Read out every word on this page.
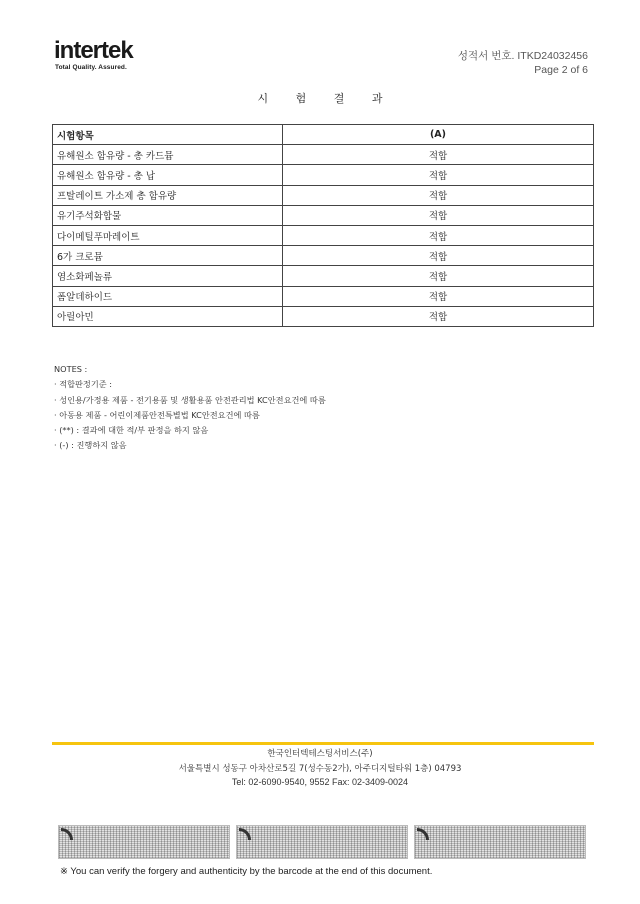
intertek
Total Quality. Assured.
성적서 번호. ITKD24032456
Page 2 of 6
시 험 결 과
시험항목	(A)
유해원소 함유량 - 총 카드뮴	적합
유해원소 함유량 - 총 납	적합
프탈레이트 가소제 총 함유량	적합
유기주석화합물	적합
다이메틸푸마레이트	적합
6가 크로뮴	적합
염소화페놀류	적합
폼알데하이드	적합
아릴아민	적합
NOTES :
· 적합판정기준 :
· 성인용/가정용 제품 - 전기용품 및 생활용품 안전관리법 KC안전요건에 따름
· 아동용 제품 - 어린이제품안전특별법 KC안전요건에 따름
· (**) : 결과에 대한 적/부 판정을 하지 않음
· (-) : 진행하지 않음
한국인터텍테스팅서비스(주)
서울특별시 성동구 아차산로5길 7(성수동2가), 아주디지털타워 1층) 04793
Tel: 02-6090-9540, 9552 Fax: 02-3409-0024
※ You can verify the forgery and authenticity by the barcode at the end of this document.
